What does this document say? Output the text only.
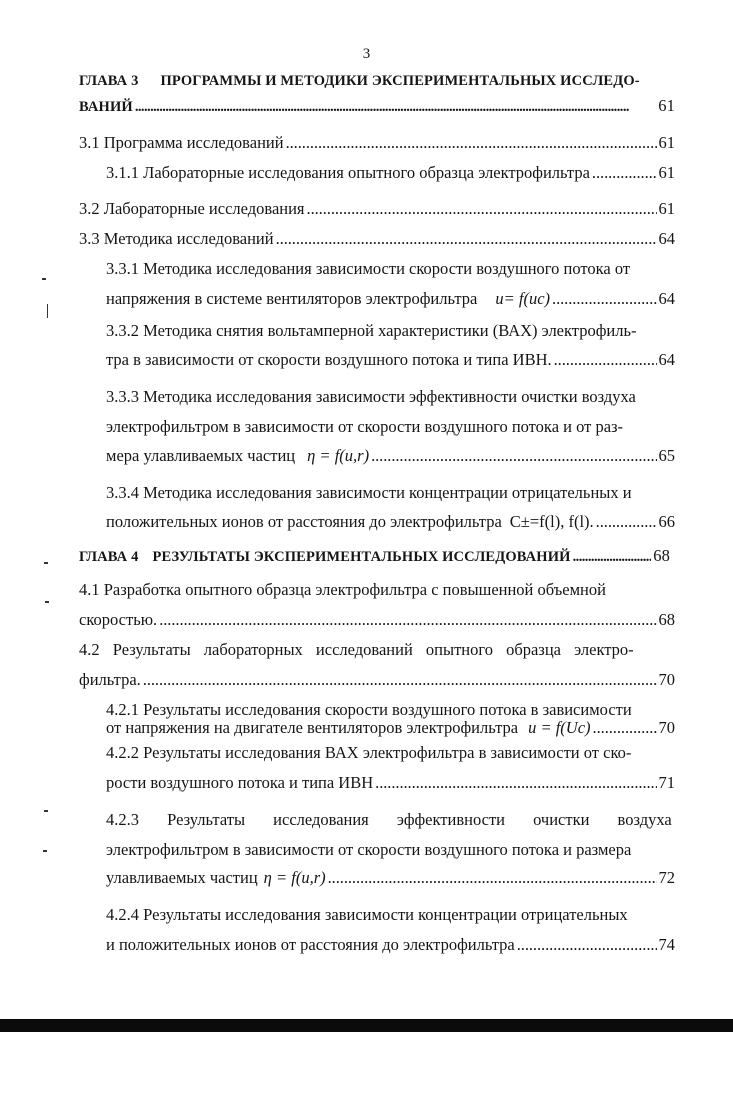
3
ГЛАВА 3 ПРОГРАММЫ И МЕТОДИКИ ЭКСПЕРИМЕНТАЛЬНЫХ ИССЛЕДО-
ВАНИЙ . . .	61
3.1 Программа исследований . . .	61
3.1.1 Лабораторные исследования опытного образца электрофильтра . . .	61
3.2 Лабораторные исследования . . .	61
3.3 Методика исследований . . .	64
3.3.1 Методика исследования зависимости скорости воздушного потока от
напряжения в системе вентиляторов электрофильтра u= f(uc) . . .	64
3.3.2 Методика снятия вольтамперной характеристики (ВАХ) электрофиль-
тра в зависимости от скорости воздушного потока и типа ИВН. . . .	64
3.3.3 Методика исследования зависимости эффективности очистки воздуха
электрофильтром в зависимости от скорости воздушного потока и от раз-
мера улавливаемых частиц η = f(u,r) . . .	65
3.3.4 Методика исследования зависимости концентрации отрицательных и
положительных ионов от расстояния до электрофильтра C±=f(l), f(l). . . .	66
ГЛАВА 4 РЕЗУЛЬТАТЫ ЭКСПЕРИМЕНТАЛЬНЫХ ИССЛЕДОВАНИЙ . . .	68
4.1 Разработка опытного образца электрофильтра с повышенной объемной
скоростью. . . .	68
4.2 Результаты лабораторных исследований опытного образца электро-
фильтра. . . .	70
4.2.1 Результаты исследования скорости воздушного потока в зависимости
от напряжения на двигателе вентиляторов электрофильтра u = f(Uc) . . .	70
4.2.2 Результаты исследования ВАХ электрофильтра в зависимости от ско-
рости воздушного потока и типа ИВН . . .	71
4.2.3 Результаты исследования эффективности очистки воздуха
электрофильтром в зависимости от скорости воздушного потока и размера
улавливаемых частиц η = f(u,r) . . .	72
4.2.4 Результаты исследования зависимости концентрации отрицательных
и положительных ионов от расстояния до электрофильтра . . .	74
